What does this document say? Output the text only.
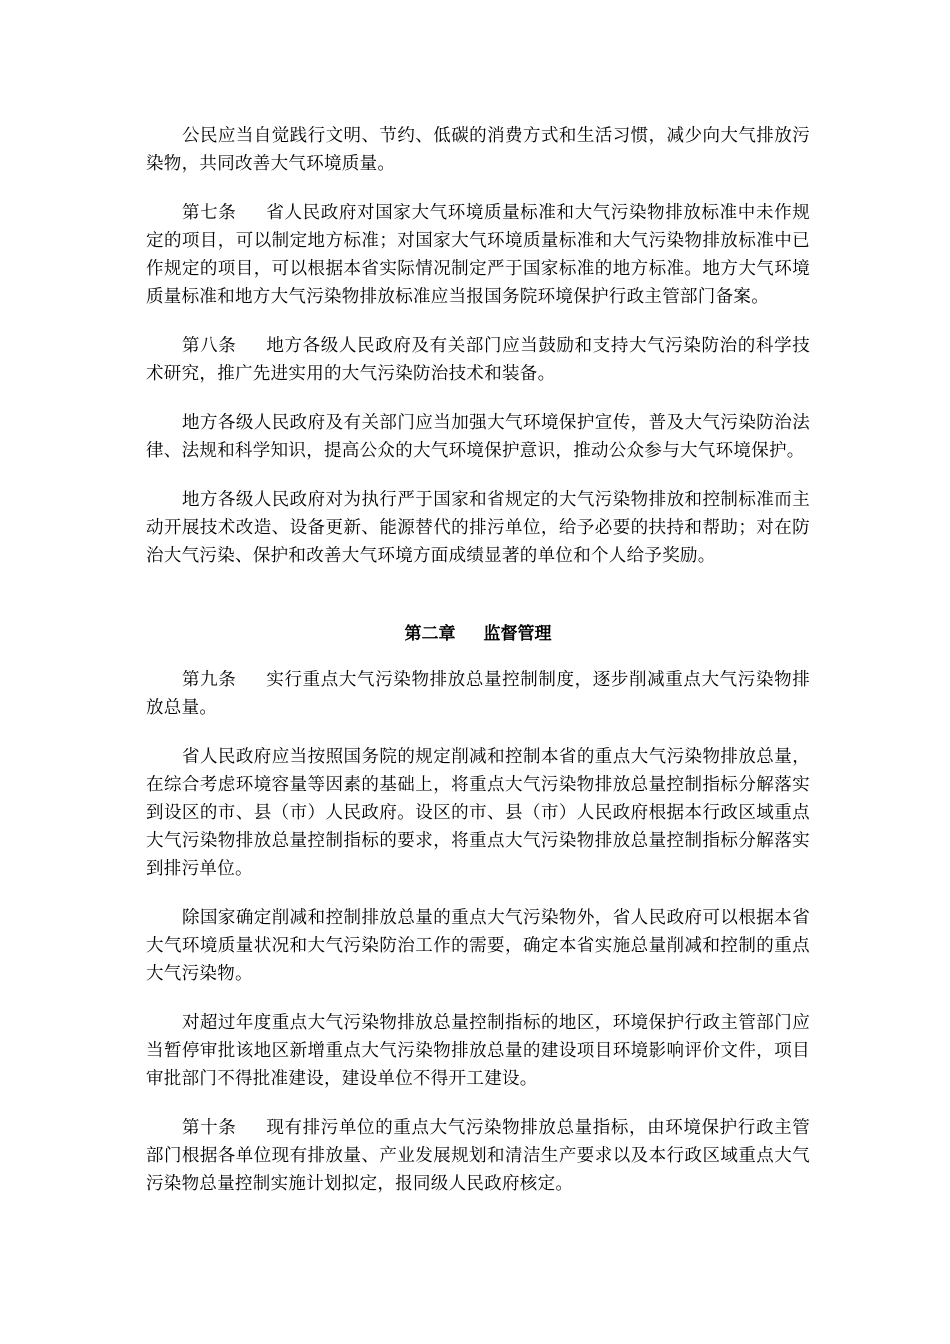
公民应当自觉践行文明、节约、低碳的消费方式和生活习惯，减少向大气排放污染物，共同改善大气环境质量。

第七条 省人民政府对国家大气环境质量标准和大气污染物排放标准中未作规定的项目，可以制定地方标准；对国家大气环境质量标准和大气污染物排放标准中已作规定的项目，可以根据本省实际情况制定严于国家标准的地方标准。地方大气环境质量标准和地方大气污染物排放标准应当报国务院环境保护行政主管部门备案。

第八条 地方各级人民政府及有关部门应当鼓励和支持大气污染防治的科学技术研究，推广先进实用的大气污染防治技术和装备。

地方各级人民政府及有关部门应当加强大气环境保护宣传，普及大气污染防治法律、法规和科学知识，提高公众的大气环境保护意识，推动公众参与大气环境保护。

地方各级人民政府对为执行严于国家和省规定的大气污染物排放和控制标准而主动开展技术改造、设备更新、能源替代的排污单位，给予必要的扶持和帮助；对在防治大气污染、保护和改善大气环境方面成绩显著的单位和个人给予奖励。

第二章 监督管理

第九条 实行重点大气污染物排放总量控制制度，逐步削减重点大气污染物排放总量。

省人民政府应当按照国务院的规定削减和控制本省的重点大气污染物排放总量，在综合考虑环境容量等因素的基础上，将重点大气污染物排放总量控制指标分解落实到设区的市、县（市）人民政府。设区的市、县（市）人民政府根据本行政区域重点大气污染物排放总量控制指标的要求，将重点大气污染物排放总量控制指标分解落实到排污单位。

除国家确定削减和控制排放总量的重点大气污染物外，省人民政府可以根据本省大气环境质量状况和大气污染防治工作的需要，确定本省实施总量削减和控制的重点大气污染物。

对超过年度重点大气污染物排放总量控制指标的地区，环境保护行政主管部门应当暂停审批该地区新增重点大气污染物排放总量的建设项目环境影响评价文件，项目审批部门不得批准建设，建设单位不得开工建设。

第十条 现有排污单位的重点大气污染物排放总量指标，由环境保护行政主管部门根据各单位现有排放量、产业发展规划和清洁生产要求以及本行政区域重点大气污染物总量控制实施计划拟定，报同级人民政府核定。
